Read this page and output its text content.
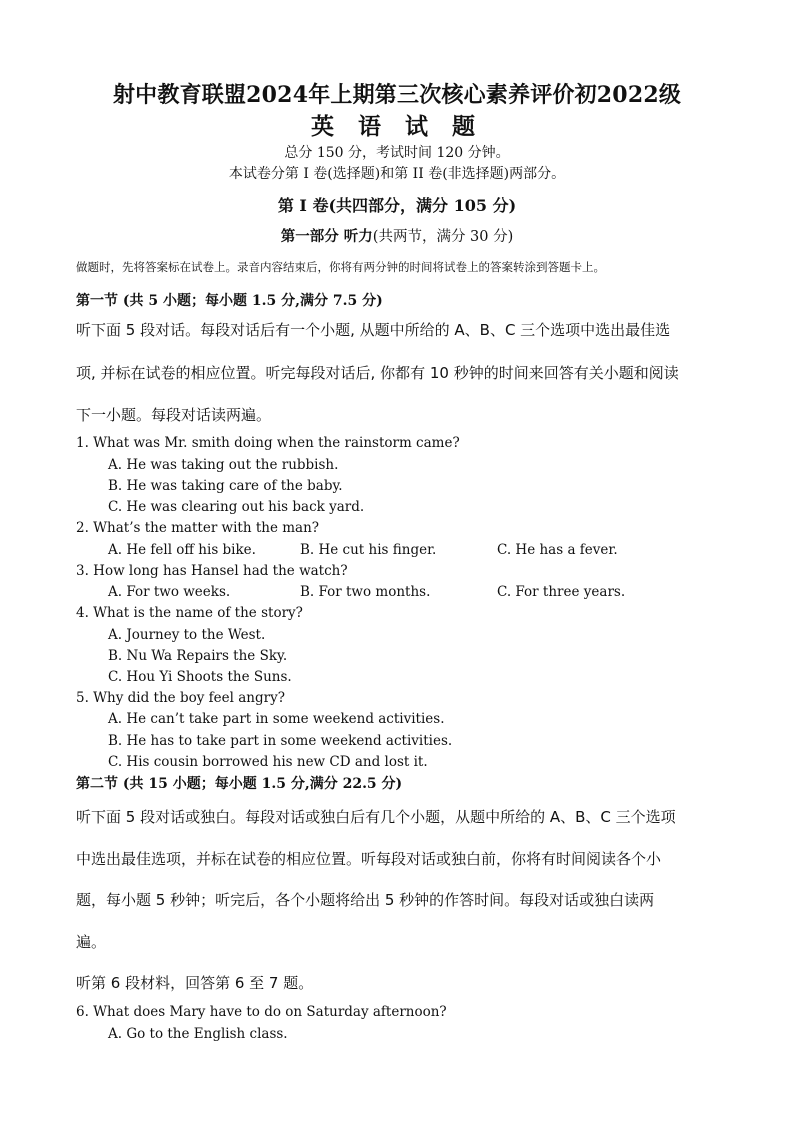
射中教育联盟2024年上期第三次核心素养评价初2022级
英 语 试 题
总分 150 分，考试时间 120 分钟。
本试卷分第 I 卷(选择题)和第 II 卷(非选择题)两部分。
第 I 卷(共四部分，满分 105 分)
第一部分 听力(共两节，满分 30 分)
做题时，先将答案标在试卷上。录音内容结束后，你将有两分钟的时间将试卷上的答案转涂到答题卡上。
第一节 (共 5 小题；每小题 1.5 分,满分 7.5 分)
听下面 5 段对话。每段对话后有一个小题, 从题中所给的 A、B、C 三个选项中选出最佳选
项, 并标在试卷的相应位置。听完每段对话后, 你都有 10 秒钟的时间来回答有关小题和阅读
下一小题。每段对话读两遍。
1. What was Mr. smith doing when the rainstorm came?
A. He was taking out the rubbish.
B. He was taking care of the baby.
C. He was clearing out his back yard.
2. What’s the matter with the man?
A. He fell off his bike.	B. He cut his finger.	C. He has a fever.
3. How long has Hansel had the watch?
A. For two weeks.	B. For two months.	C. For three years.
4. What is the name of the story?
A. Journey to the West.
B. Nu Wa Repairs the Sky.
C. Hou Yi Shoots the Suns.
5. Why did the boy feel angry?
A. He can’t take part in some weekend activities.
B. He has to take part in some weekend activities.
C. His cousin borrowed his new CD and lost it.
第二节 (共 15 小题；每小题 1.5 分,满分 22.5 分)
听下面 5 段对话或独白。每段对话或独白后有几个小题，从题中所给的 A、B、C 三个选项
中选出最佳选项，并标在试卷的相应位置。听每段对话或独白前，你将有时间阅读各个小
题，每小题 5 秒钟；听完后，各个小题将给出 5 秒钟的作答时间。每段对话或独白读两
遍。
听第 6 段材料，回答第 6 至 7 题。
6. What does Mary have to do on Saturday afternoon?
A. Go to the English class.
